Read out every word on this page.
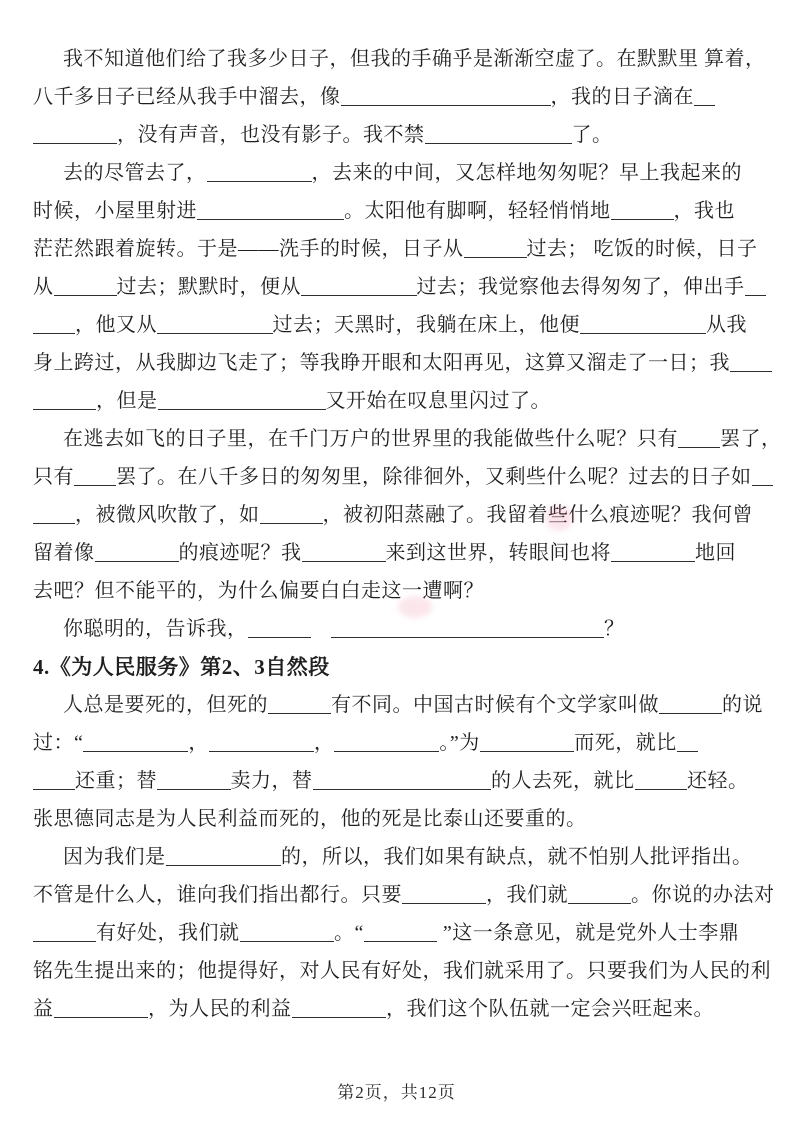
我不知道他们给了我多少日子，但我的手确乎是渐渐空虚了。在默默里 算着，
八千多日子已经从我手中溜去，像	，我的日子滴在
，没有声音，也没有影子。我不禁	了。
去的尽管去了，	，去来的中间，又怎样地匆匆呢？早上我起来的
时候，小屋里射进	。太阳他有脚啊，轻轻悄悄地	，我也
茫茫然跟着旋转。于是——洗手的时候，日子从	过去； 吃饭的时候，日子
从	过去；默默时，便从	过去；我觉察他去得匆匆了，伸出手
，他又从	过去；天黑时，我躺在床上，他便	从我
身上跨过，从我脚边飞走了；等我睁开眼和太阳再见，这算又溜走了一日；我
，但是	又开始在叹息里闪过了。
在逃去如飞的日子里，在千门万户的世界里的我能做些什么呢？只有 罢了，
只有 罢了。在八千多日的匆匆里，除徘徊外，又剩些什么呢？过去的日子如
，被微风吹散了，如	，被初阳蒸融了。我留着些什么痕迹呢？我何曾
留着像	的痕迹呢？我	来到这世界，转眼间也将	地回
去吧？但不能平的，为什么偏要白白走这一遭啊？
你聪明的，告诉我，　	？
4.《为人民服务》第2、3自然段
人总是要死的，但死的	有不同。中国古时候有个文学家叫做	的说
过：“	，	，	。”为	而死，就比
还重；替	卖力，替	的人去死，就比	还轻。
张思德同志是为人民利益而死的，他的死是比泰山还要重的。
因为我们是	的，所以，我们如果有缺点，就不怕别人批评指出。
不管是什么人，谁向我们指出都行。只要	，我们就	。你说的办法对
有好处，我们就	。“	”这一条意见，就是党外人士李鼎
铭先生提出来的；他提得好，对人民有好处，我们就采用了。只要我们为人民的利
益	，为人民的利益	，我们这个队伍就一定会兴旺起来。
第2页，共12页
